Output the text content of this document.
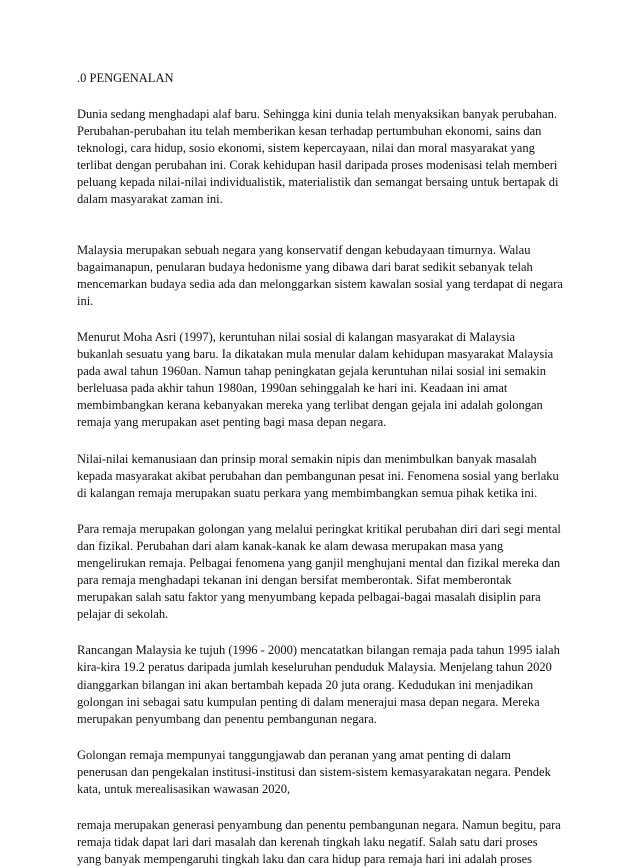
.0 PENGENALAN
Dunia sedang menghadapi alaf baru. Sehingga kini dunia telah menyaksikan banyak perubahan.
Perubahan-perubahan itu telah memberikan kesan terhadap pertumbuhan ekonomi, sains dan
teknologi, cara hidup, sosio ekonomi, sistem kepercayaan, nilai dan moral masyarakat yang
terlibat dengan perubahan ini. Corak kehidupan hasil daripada proses modenisasi telah memberi
peluang kepada nilai-nilai individualistik, materialistik dan semangat bersaing untuk bertapak di
dalam masyarakat zaman ini.
Malaysia merupakan sebuah negara yang konservatif dengan kebudayaan timurnya. Walau
bagaimanapun, penularan budaya hedonisme yang dibawa dari barat sedikit sebanyak telah
mencemarkan budaya sedia ada dan melonggarkan sistem kawalan sosial yang terdapat di negara
ini.
Menurut Moha Asri (1997), keruntuhan nilai sosial di kalangan masyarakat di Malaysia
bukanlah sesuatu yang baru. Ia dikatakan mula menular dalam kehidupan masyarakat Malaysia
pada awal tahun 1960an. Namun tahap peningkatan gejala keruntuhan nilai sosial ini semakin
berleluasa pada akhir tahun 1980an, 1990an sehinggalah ke hari ini. Keadaan ini amat
membimbangkan kerana kebanyakan mereka yang terlibat dengan gejala ini adalah golongan
remaja yang merupakan aset penting bagi masa depan negara.
Nilai-nilai kemanusiaan dan prinsip moral semakin nipis dan menimbulkan banyak masalah
kepada masyarakat akibat perubahan dan pembangunan pesat ini. Fenomena sosial yang berlaku
di kalangan remaja merupakan suatu perkara yang membimbangkan semua pihak ketika ini.
Para remaja merupakan golongan yang melalui peringkat kritikal perubahan diri dari segi mental
dan fizikal. Perubahan dari alam kanak-kanak ke alam dewasa merupakan masa yang
mengelirukan remaja. Pelbagai fenomena yang ganjil menghujani mental dan fizikal mereka dan
para remaja menghadapi tekanan ini dengan bersifat memberontak. Sifat memberontak
merupakan salah satu faktor yang menyumbang kepada pelbagai-bagai masalah disiplin para
pelajar di sekolah.
Rancangan Malaysia ke tujuh (1996 - 2000) mencatatkan bilangan remaja pada tahun 1995 ialah
kira-kira 19.2 peratus daripada jumlah keseluruhan penduduk Malaysia. Menjelang tahun 2020
dianggarkan bilangan ini akan bertambah kepada 20 juta orang. Kedudukan ini menjadikan
golongan ini sebagai satu kumpulan penting di dalam menerajui masa depan negara. Mereka
merupakan penyumbang dan penentu pembangunan negara.
Golongan remaja mempunyai tanggungjawab dan peranan yang amat penting di dalam
penerusan dan pengekalan institusi-institusi dan sistem-sistem kemasyarakatan negara. Pendek
kata, untuk merealisasikan wawasan 2020,
remaja merupakan generasi penyambung dan penentu pembangunan negara. Namun begitu, para
remaja tidak dapat lari dari masalah dan kerenah tingkah laku negatif. Salah satu dari proses
yang banyak mempengaruhi tingkah laku dan cara hidup para remaja hari ini adalah proses
